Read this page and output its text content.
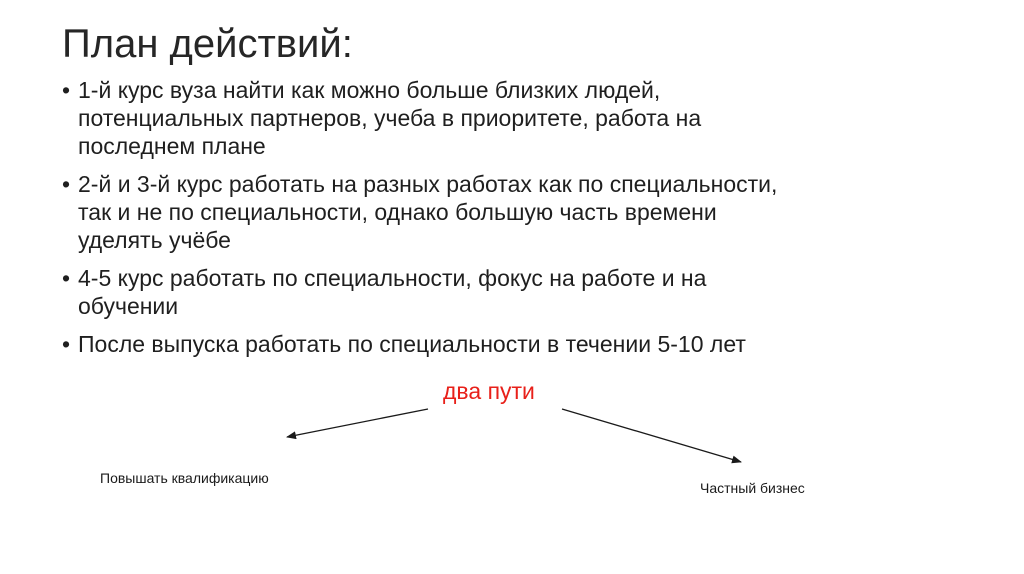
План действий:
• 1-й курс вуза найти как можно больше близких людей,
потенциальных партнеров, учеба в приоритете, работа на
последнем плане
• 2-й и 3-й курс работать на разных работах как по специальности,
так и не по специальности, однако большую часть времени
уделять учёбе
• 4-5 курс работать по специальности, фокус на работе и на
обучении
• После выпуска работать по специальности в течении 5-10 лет
два пути
Повышать квалификацию
Частный бизнес
